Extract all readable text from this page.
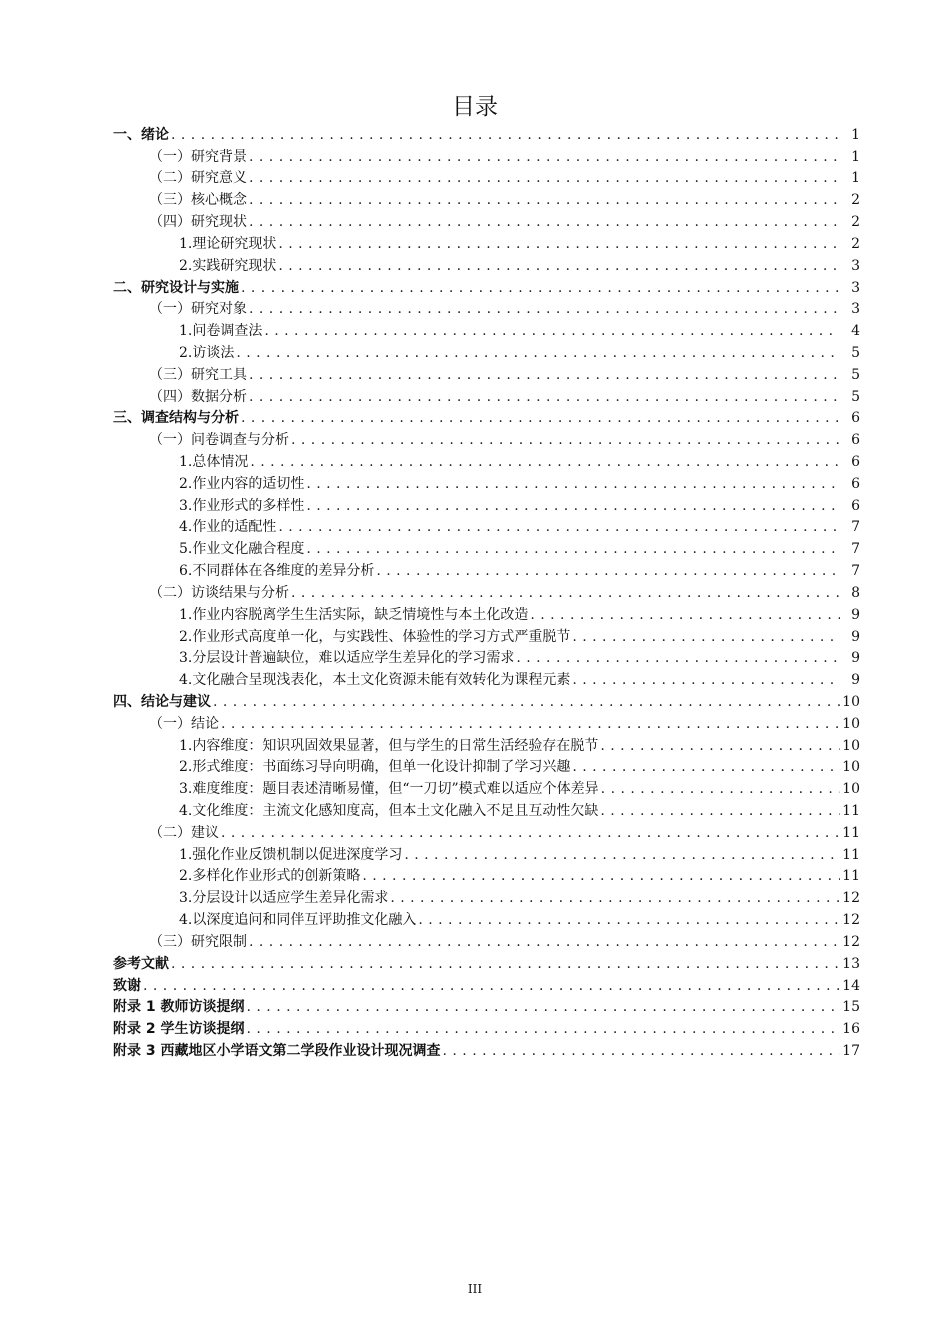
目录
一、绪论 . . .	1
（一）研究背景 . . .	1
（二）研究意义 . . .	1
（三）核心概念 . . .	2
（四）研究现状 . . .	2
1.理论研究现状 . . .	2
2.实践研究现状 . . .	3
二、研究设计与实施 . . .	3
（一）研究对象 . . .	3
1.问卷调查法 . . .	4
2.访谈法 . . .	5
（三）研究工具 . . .	5
（四）数据分析 . . .	5
三、调查结构与分析 . . .	6
（一）问卷调查与分析 . . .	6
1.总体情况 . . .	6
2.作业内容的适切性 . . .	6
3.作业形式的多样性 . . .	6
4.作业的适配性 . . .	7
5.作业文化融合程度 . . .	7
6.不同群体在各维度的差异分析 . . .	7
（二）访谈结果与分析 . . .	8
1.作业内容脱离学生生活实际，缺乏情境性与本土化改造 . . .	9
2.作业形式高度单一化，与实践性、体验性的学习方式严重脱节 . . .	9
3.分层设计普遍缺位，难以适应学生差异化的学习需求 . . .	9
4.文化融合呈现浅表化，本土文化资源未能有效转化为课程元素 . . .	9
四、结论与建议 . . .	10
（一）结论 . . .	10
1.内容维度：知识巩固效果显著，但与学生的日常生活经验存在脱节 . . .	10
2.形式维度：书面练习导向明确，但单一化设计抑制了学习兴趣 . . .	10
3.难度维度：题目表述清晰易懂，但“一刀切”模式难以适应个体差异 . . .	10
4.文化维度：主流文化感知度高，但本土文化融入不足且互动性欠缺 . . .	11
（二）建议 . . .	11
1.强化作业反馈机制以促进深度学习 . . .	11
2.多样化作业形式的创新策略 . . .	11
3.分层设计以适应学生差异化需求 . . .	12
4.以深度追问和同伴互评助推文化融入 . . .	12
（三）研究限制 . . .	12
参考文献 . . .	13
致谢 . . .	14
附录 1 教师访谈提纲 . . .	15
附录 2 学生访谈提纲 . . .	16
附录 3 西藏地区小学语文第二学段作业设计现况调查 . . .	17
III
